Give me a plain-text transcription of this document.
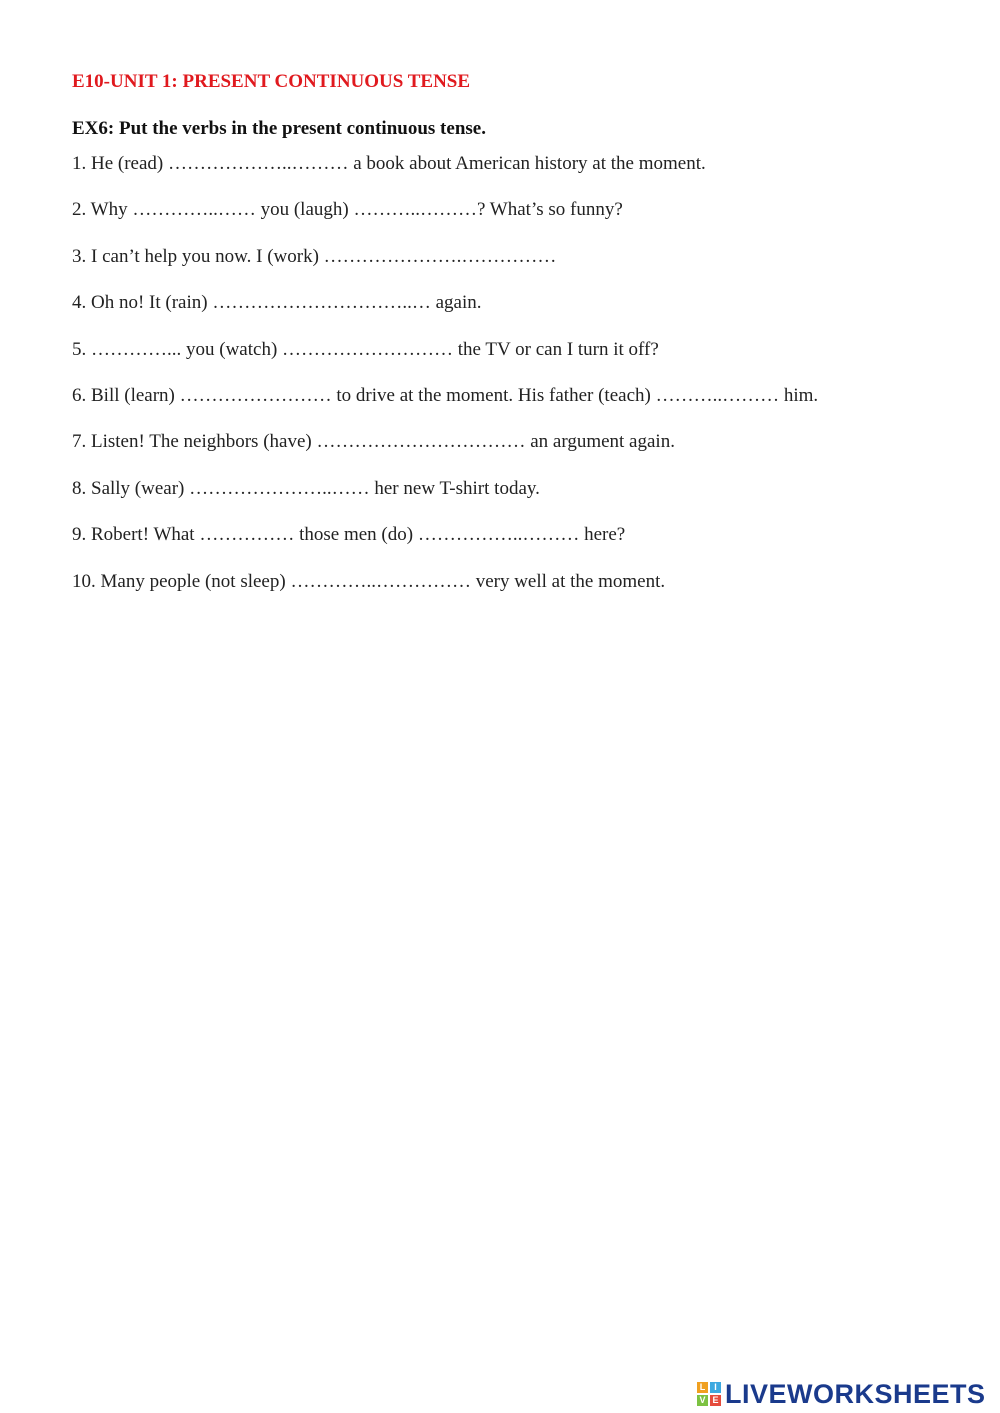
E10-UNIT 1: PRESENT CONTINUOUS TENSE
EX6: Put the verbs in the present continuous tense.
1. He (read) ………………..……… a book about American history at the moment.
2. Why …………..…… you (laugh) ………..………? What’s so funny?
3. I can’t help you now. I (work) ………………….……………
4. Oh no! It (rain) …………………………..… again.
5. …………... you (watch) ……………………… the TV or can I turn it off?
6. Bill (learn) …………………… to drive at the moment. His father (teach) ………..……… him.
7. Listen! The neighbors (have) …………………………… an argument again.
8. Sally (wear) …………………..…… her new T-shirt today.
9. Robert! What …………… those men (do) ……………..……… here?
10. Many people (not sleep) …………..…………… very well at the moment.
L I
V E LIVEWORKSHEETS
